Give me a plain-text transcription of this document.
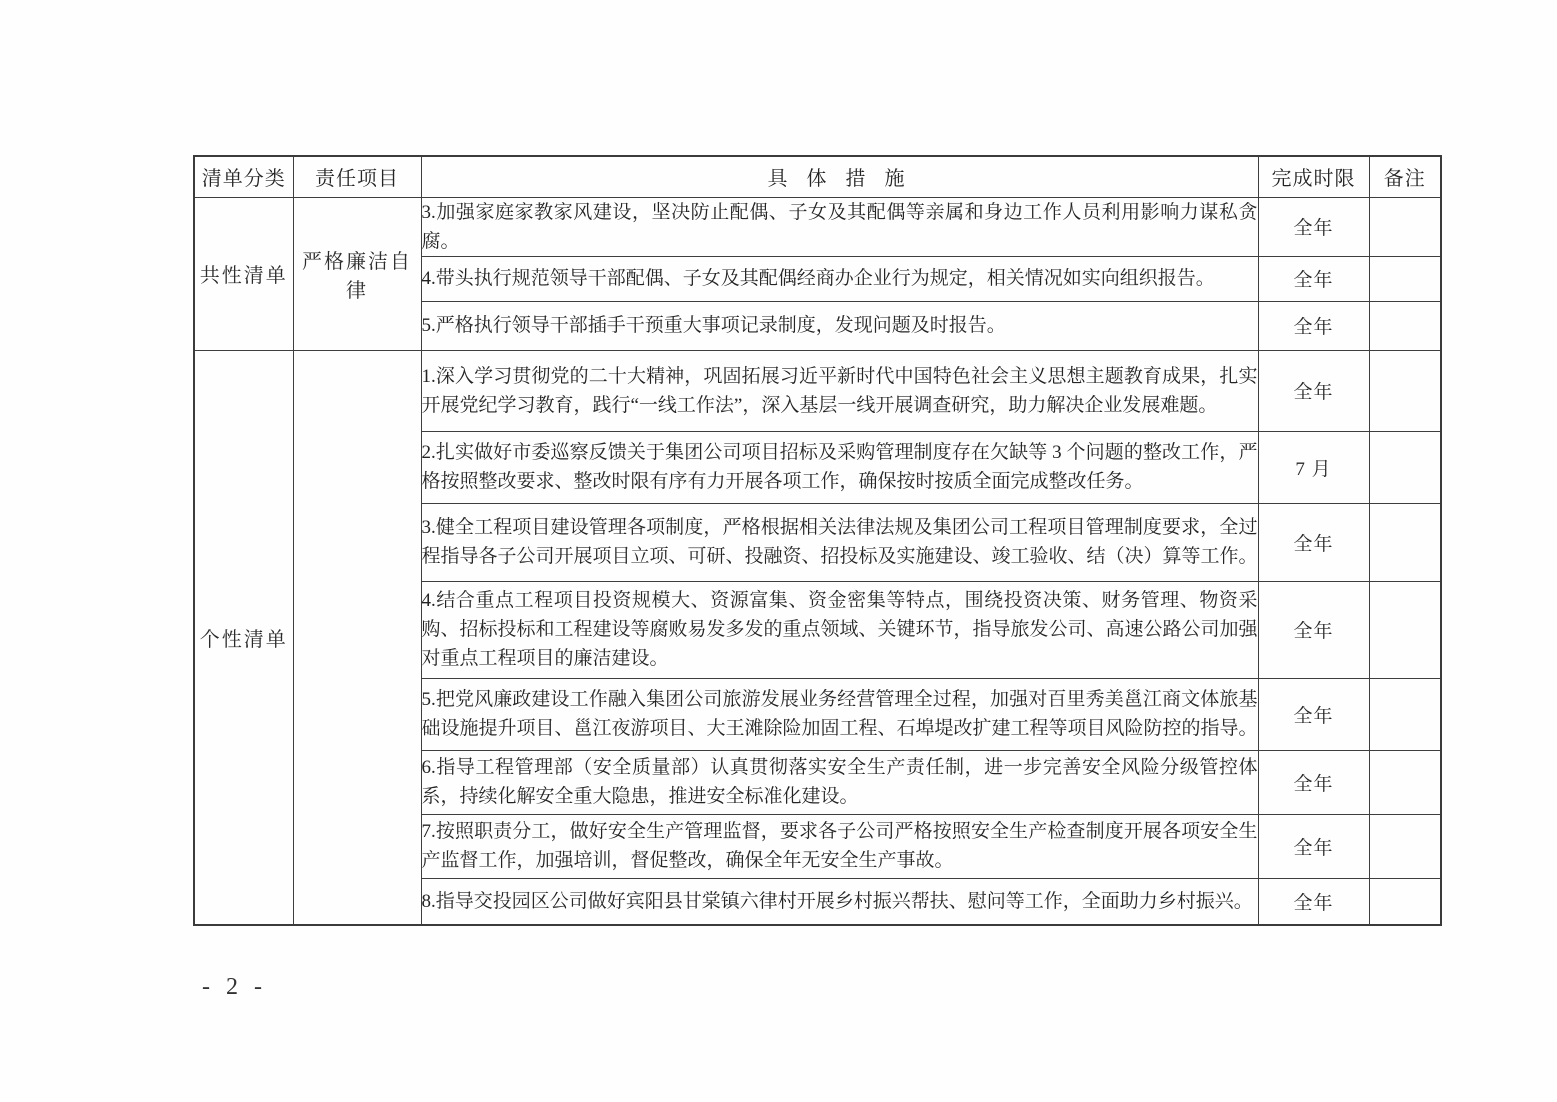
清单分类	责任项目	具 体 措 施	完成时限	备注
共性清单	严格廉洁自律	3.加强家庭家教家风建设，坚决防止配偶、子女及其配偶等亲属和身边工作人员利用影响力谋私贪腐。	全年	
		4.带头执行规范领导干部配偶、子女及其配偶经商办企业行为规定，相关情况如实向组织报告。	全年	
		5.严格执行领导干部插手干预重大事项记录制度，发现问题及时报告。	全年	
个性清单		1.深入学习贯彻党的二十大精神，巩固拓展习近平新时代中国特色社会主义思想主题教育成果，扎实开展党纪学习教育，践行“一线工作法”，深入基层一线开展调查研究，助力解决企业发展难题。	全年	
		2.扎实做好市委巡察反馈关于集团公司项目招标及采购管理制度存在欠缺等 3 个问题的整改工作，严格按照整改要求、整改时限有序有力开展各项工作，确保按时按质全面完成整改任务。	7 月	
		3.健全工程项目建设管理各项制度，严格根据相关法律法规及集团公司工程项目管理制度要求，全过程指导各子公司开展项目立项、可研、投融资、招投标及实施建设、竣工验收、结（决）算等工作。	全年	
		4.结合重点工程项目投资规模大、资源富集、资金密集等特点，围绕投资决策、财务管理、物资采购、招标投标和工程建设等腐败易发多发的重点领域、关键环节，指导旅发公司、高速公路公司加强对重点工程项目的廉洁建设。	全年	
		5.把党风廉政建设工作融入集团公司旅游发展业务经营管理全过程，加强对百里秀美邕江商文体旅基础设施提升项目、邕江夜游项目、大王滩除险加固工程、石埠堤改扩建工程等项目风险防控的指导。	全年	
		6.指导工程管理部（安全质量部）认真贯彻落实安全生产责任制，进一步完善安全风险分级管控体系，持续化解安全重大隐患，推进安全标准化建设。	全年	
		7.按照职责分工，做好安全生产管理监督，要求各子公司严格按照安全生产检查制度开展各项安全生产监督工作，加强培训，督促整改，确保全年无安全生产事故。	全年	
		8.指导交投园区公司做好宾阳县甘棠镇六律村开展乡村振兴帮扶、慰问等工作，全面助力乡村振兴。	全年	
- 2 -
